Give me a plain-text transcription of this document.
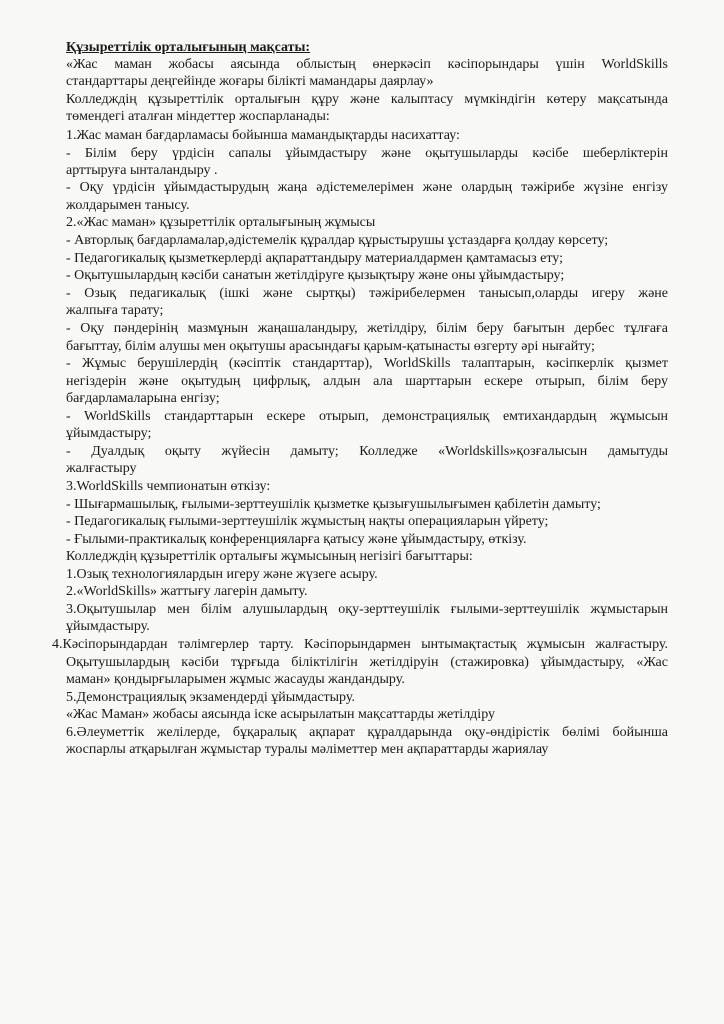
Құзыреттілік орталығының мақсаты:
«Жас маман жобасы аясында облыстың өнеркәсіп кәсіпорындары үшін WorldSkills
стандарттары деңгейінде жоғары білікті мамандары даярлау»
Колледждің құзыреттілік орталығын құру және калыптасу мүмкіндігін көтеру мақсатында
төмендегі аталған міндеттер жоспарланады:
1.Жас маман бағдарламасы бойынша мамандықтарды насихаттау:
- Білім беру үрдісін сапалы ұйымдастыру және оқытушыларды кәсібе шеберліктерін
арттыруға ынталандыру .
- Оқу үрдісін ұйымдастырудың жаңа әдістемелерімен және олардың тәжірибе жүзіне енгізу
жолдарымен танысу.
2.«Жас маман» құзыреттілік орталығының жұмысы
- Авторлық бағдарламалар,әдістемелік құралдар құрыстырушы ұстаздарға қолдау көрсету;
- Педагогикалық қызметкерлерді ақпараттандыру материалдармен қамтамасыз ету;
- Оқытушылардың кәсіби санатын жетілдіруге қызықтыру және оны ұйымдастыру;
- Озық педагикалық (ішкі және сыртқы) тәжірибелермен танысып,оларды игеру және
жалпыға тарату;
- Оқу пәндерінің мазмұнын жаңашаландыру, жетілдіру, білім беру бағытын дербес тұлғаға
бағыттау, білім алушы мен оқытушы арасындағы қарым-қатынасты өзгерту әрі нығайту;
- Жұмыс берушілердің (кәсіптік стандарттар), WorldSkills талаптарын, кәсіпкерлік қызмет
негіздерін және оқытудың цифрлық, алдын ала шарттарын ескере отырып, білім беру
бағдарламаларына енгізу;
- WorldSkills стандарттарын ескере отырып, демонстрациялық емтихандардың жұмысын
ұйымдастыру;
- Дуалдық оқыту жүйесін дамыту; Колледже «Worldskills»қозғалысын дамытуды
жалғастыру
3.WorldSkills чемпионатын өткізу:
- Шығармашылық, ғылыми-зерттеушілік қызметке қызығушылығымен қабілетін дамыту;
- Педагогикалық ғылыми-зерттеушілік жұмыстың нақты операцияларын үйрету;
- Ғылыми-практикалық конференцияларға қатысу және ұйымдастыру, өткізу.
Колледждің құзыреттілік орталығы жұмысының негізігі бағыттары:
1.Озық технологиялардын игеру және жүзеге асыру.
2.«WorldSkills» жаттығу лагерін дамыту.
3.Оқытушылар мен білім алушылардың оқу-зерттеушілік ғылыми-зерттеушілік жұмыстарын
ұйымдастыру.
4.Кәсіпорындардан тәлімгерлер тарту. Кәсіпорындармен ынтымақтастық жұмысын жалғастыру.
Оқытушылардың кәсіби тұрғыда біліктілігін жетілдіруін (стажировка) ұйымдастыру, «Жас
маман» қондырғыларымен жұмыс жасауды жандандыру.
5.Демонстрациялық экзамендерді ұйымдастыру.
«Жас Маман» жобасы аясында іске асырылатын мақсаттарды жетілдіру
6.Әлеуметтік желілерде, бұқаралық ақпарат құралдарында оқу-өндірістік бөлімі бойынша
жоспарлы атқарылған жұмыстар туралы мәліметтер мен ақпараттарды жариялау
